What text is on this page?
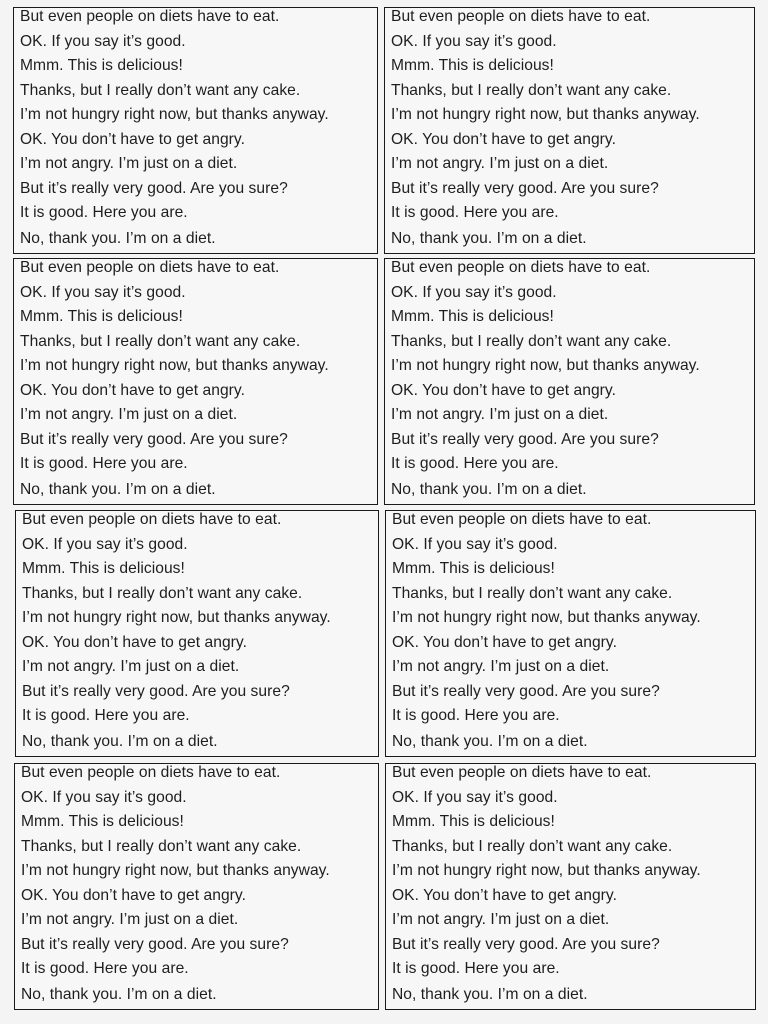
But even people on diets have to eat.
OK. If you say it’s good.
Mmm. This is delicious!
Thanks, but I really don’t want any cake.
I’m not hungry right now, but thanks anyway.
OK. You don’t have to get angry.
I’m not angry. I’m just on a diet.
But it’s really very good. Are you sure?
It is good. Here you are.
No, thank you. I’m on a diet.
But even people on diets have to eat.
OK. If you say it’s good.
Mmm. This is delicious!
Thanks, but I really don’t want any cake.
I’m not hungry right now, but thanks anyway.
OK. You don’t have to get angry.
I’m not angry. I’m just on a diet.
But it’s really very good. Are you sure?
It is good. Here you are.
No, thank you. I’m on a diet.
But even people on diets have to eat.
OK. If you say it’s good.
Mmm. This is delicious!
Thanks, but I really don’t want any cake.
I’m not hungry right now, but thanks anyway.
OK. You don’t have to get angry.
I’m not angry. I’m just on a diet.
But it’s really very good. Are you sure?
It is good. Here you are.
No, thank you. I’m on a diet.
But even people on diets have to eat.
OK. If you say it’s good.
Mmm. This is delicious!
Thanks, but I really don’t want any cake.
I’m not hungry right now, but thanks anyway.
OK. You don’t have to get angry.
I’m not angry. I’m just on a diet.
But it’s really very good. Are you sure?
It is good. Here you are.
No, thank you. I’m on a diet.
But even people on diets have to eat.
OK. If you say it’s good.
Mmm. This is delicious!
Thanks, but I really don’t want any cake.
I’m not hungry right now, but thanks anyway.
OK. You don’t have to get angry.
I’m not angry. I’m just on a diet.
But it’s really very good. Are you sure?
It is good. Here you are.
No, thank you. I’m on a diet.
But even people on diets have to eat.
OK. If you say it’s good.
Mmm. This is delicious!
Thanks, but I really don’t want any cake.
I’m not hungry right now, but thanks anyway.
OK. You don’t have to get angry.
I’m not angry. I’m just on a diet.
But it’s really very good. Are you sure?
It is good. Here you are.
No, thank you. I’m on a diet.
But even people on diets have to eat.
OK. If you say it’s good.
Mmm. This is delicious!
Thanks, but I really don’t want any cake.
I’m not hungry right now, but thanks anyway.
OK. You don’t have to get angry.
I’m not angry. I’m just on a diet.
But it’s really very good. Are you sure?
It is good. Here you are.
No, thank you. I’m on a diet.
But even people on diets have to eat.
OK. If you say it’s good.
Mmm. This is delicious!
Thanks, but I really don’t want any cake.
I’m not hungry right now, but thanks anyway.
OK. You don’t have to get angry.
I’m not angry. I’m just on a diet.
But it’s really very good. Are you sure?
It is good. Here you are.
No, thank you. I’m on a diet.
